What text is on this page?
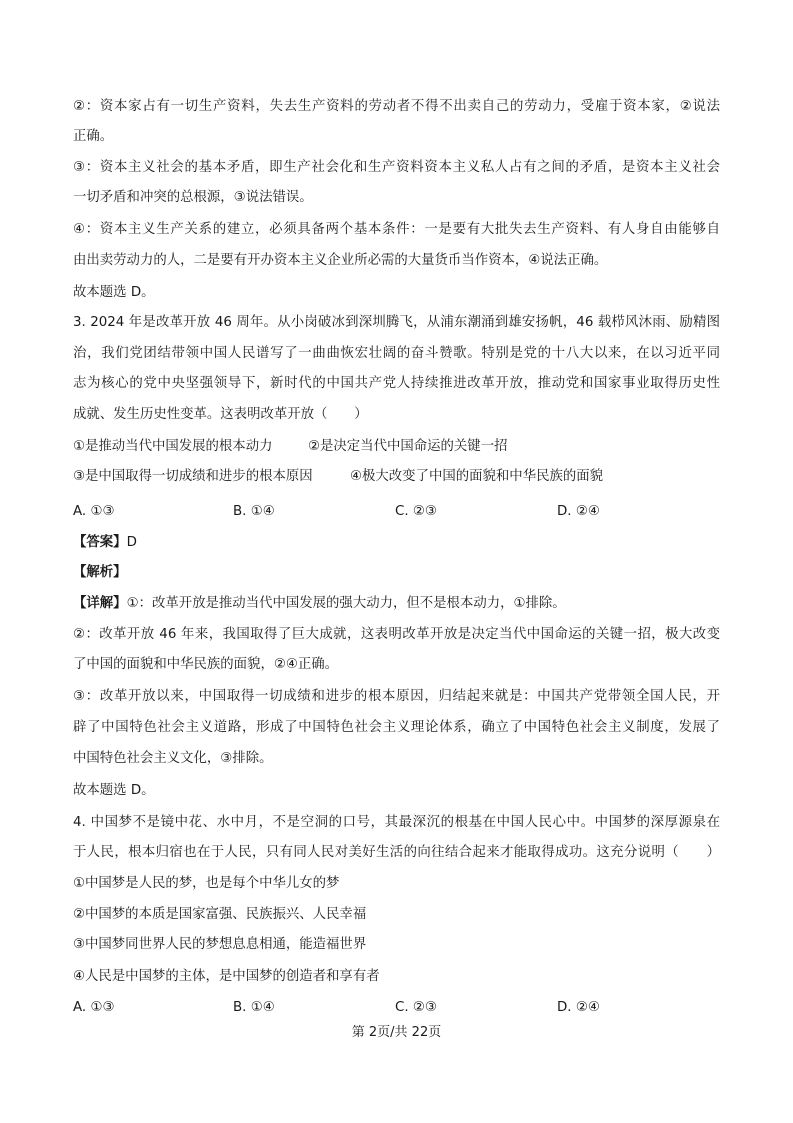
②：资本家占有一切生产资料，失去生产资料的劳动者不得不出卖自己的劳动力，受雇于资本家，②说法
正确。
③：资本主义社会的基本矛盾，即生产社会化和生产资料资本主义私人占有之间的矛盾，是资本主义社会
一切矛盾和冲突的总根源，③说法错误。
④：资本主义生产关系的建立，必须具备两个基本条件：一是要有大批失去生产资料、有人身自由能够自
由出卖劳动力的人，二是要有开办资本主义企业所必需的大量货币当作资本，④说法正确。
故本题选 D。
3. 2024 年是改革开放 46 周年。从小岗破冰到深圳腾飞，从浦东潮涌到雄安扬帆，46 载栉风沐雨、励精图
治，我们党团结带领中国人民谱写了一曲曲恢宏壮阔的奋斗赞歌。特别是党的十八大以来，在以习近平同
志为核心的党中央坚强领导下，新时代的中国共产党人持续推进改革开放，推动党和国家事业取得历史性
成就、发生历史性变革。这表明改革开放（　　）
①是推动当代中国发展的根本动力	②是决定当代中国命运的关键一招
③是中国取得一切成绩和进步的根本原因	④极大改变了中国的面貌和中华民族的面貌
A. ①③	B. ①④	C. ②③	D. ②④
【答案】D
【解析】
【详解】①：改革开放是推动当代中国发展的强大动力，但不是根本动力，①排除。
②：改革开放 46 年来，我国取得了巨大成就，这表明改革开放是决定当代中国命运的关键一招，极大改变
了中国的面貌和中华民族的面貌，②④正确。
③：改革开放以来，中国取得一切成绩和进步的根本原因，归结起来就是：中国共产党带领全国人民，开
辟了中国特色社会主义道路，形成了中国特色社会主义理论体系，确立了中国特色社会主义制度，发展了
中国特色社会主义文化，③排除。
故本题选 D。
4. 中国梦不是镜中花、水中月，不是空洞的口号，其最深沉的根基在中国人民心中。中国梦的深厚源泉在
于人民，根本归宿也在于人民，只有同人民对美好生活的向往结合起来才能取得成功。这充分说明（　　）
①中国梦是人民的梦，也是每个中华儿女的梦
②中国梦的本质是国家富强、民族振兴、人民幸福
③中国梦同世界人民的梦想息息相通，能造福世界
④人民是中国梦的主体，是中国梦的创造者和享有者
A. ①③	B. ①④	C. ②③	D. ②④
第 2页/共 22页
